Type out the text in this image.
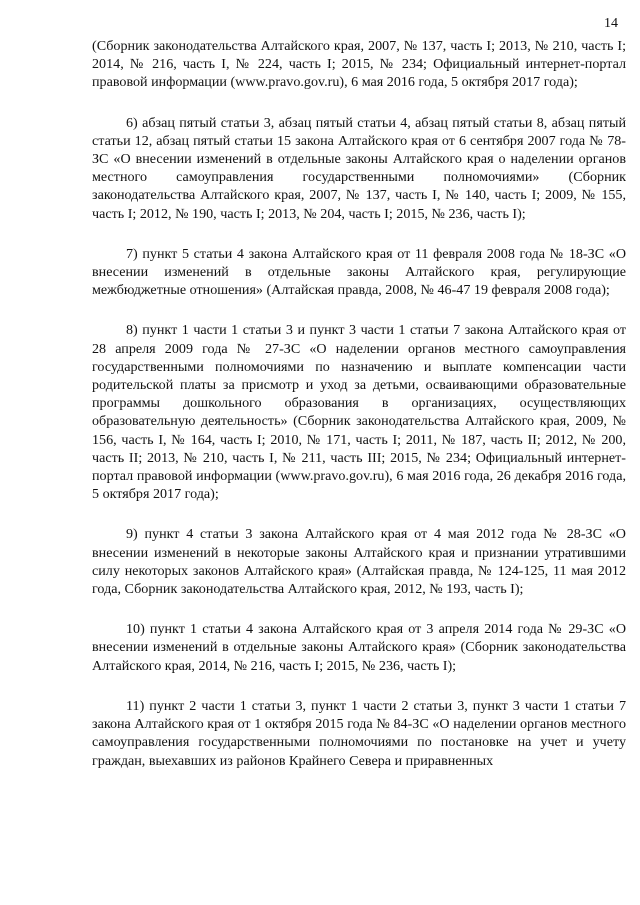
14

(Сборник законодательства Алтайского края, 2007, № 137, часть I; 2013, № 210, часть I; 2014, № 216, часть I, № 224, часть I; 2015, № 234; Официальный интернет-портал правовой информации (www.pravo.gov.ru), 6 мая 2016 года, 5 октября 2017 года);

6) абзац пятый статьи 3, абзац пятый статьи 4, абзац пятый статьи 8, абзац пятый статьи 12, абзац пятый статьи 15 закона Алтайского края от 6 сентября 2007 года № 78-ЗС «О внесении изменений в отдельные законы Алтайского края о наделении органов местного самоуправления государственными полномочиями» (Сборник законодательства Алтайского края, 2007, № 137, часть I, № 140, часть I; 2009, № 155, часть I; 2012, № 190, часть I; 2013, № 204, часть I; 2015, № 236, часть I);

7) пункт 5 статьи 4 закона Алтайского края от 11 февраля 2008 года № 18-ЗС «О внесении изменений в отдельные законы Алтайского края, регулирующие межбюджетные отношения» (Алтайская правда, 2008, № 46-47 19 февраля 2008 года);

8) пункт 1 части 1 статьи 3 и пункт 3 части 1 статьи 7 закона Алтайского края от 28 апреля 2009 года № 27-ЗС «О наделении органов местного самоуправления государственными полномочиями по назначению и выплате компенсации части родительской платы за присмотр и уход за детьми, осваивающими образовательные программы дошкольного образования в организациях, осуществляющих образовательную деятельность» (Сборник законодательства Алтайского края, 2009, № 156, часть I, № 164, часть I; 2010, № 171, часть I; 2011, № 187, часть II; 2012, № 200, часть II; 2013, № 210, часть I, № 211, часть III; 2015, № 234; Официальный интернет-портал правовой информации (www.pravo.gov.ru), 6 мая 2016 года, 26 декабря 2016 года, 5 октября 2017 года);

9) пункт 4 статьи 3 закона Алтайского края от 4 мая 2012 года № 28-ЗС «О внесении изменений в некоторые законы Алтайского края и признании утратившими силу некоторых законов Алтайского края» (Алтайская правда, № 124-125, 11 мая 2012 года, Сборник законодательства Алтайского края, 2012, № 193, часть I);

10) пункт 1 статьи 4 закона Алтайского края от 3 апреля 2014 года № 29-ЗС «О внесении изменений в отдельные законы Алтайского края» (Сборник законодательства Алтайского края, 2014, № 216, часть I; 2015, № 236, часть I);

11) пункт 2 части 1 статьи 3, пункт 1 части 2 статьи 3, пункт 3 части 1 статьи 7 закона Алтайского края от 1 октября 2015 года № 84-ЗС «О наделении органов местного самоуправления государственными полномочиями по постановке на учет и учету граждан, выехавших из районов Крайнего Севера и приравненных
